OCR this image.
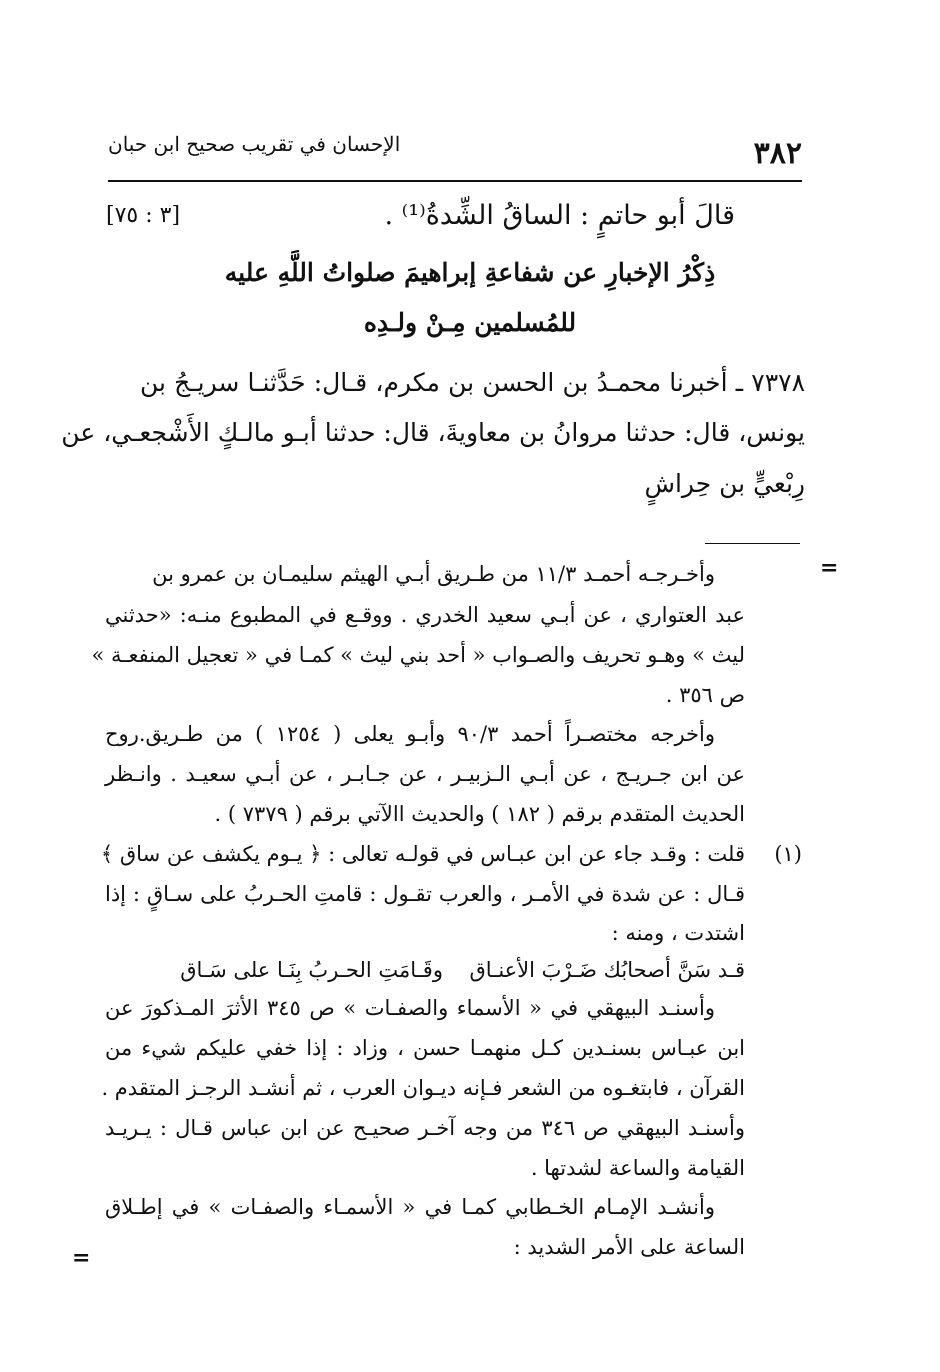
٣٨٢
الإحسان في تقريب صحيح ابن حبان
قالَ أبو حاتمٍ : الساقُ الشِّدةُ⁽¹⁾ .
[٣ : ٧٥]
ذِكْرُ الإخبارِ عن شفاعةِ إبراهيمَ صلواتُ اللَّهِ عليه
للمُسلمين مِـنْ ولـدِه
٧٣٧٨ ـ أخبرنا محمـدُ بن الحسن بن مكرم، قـال: حَدَّثنـا سريـجُ بن
يونس، قال: حدثنا مروانُ بن معاويةَ، قال: حدثنا أبـو مالـكٍ الأَشْجعـي، عن
رِبْعيٍّ بن حِراشٍ
=
وأخـرجـه أحمـد ١١/٣ من طـريق أبـي الهيثم سليمـان بن عمرو بن
عبد العتواري ، عن أبـي سعيد الخدري . ووقـع في المطبوع منـه: «حدثني
ليث » وهـو تحريف والصـواب « أحد بني ليث » كمـا في « تعجيل المنفعـة »
ص ٣٥٦ .
وأخرجه مختصـراً أحمد ٩٠/٣ وأبـو يعلى ( ١٢٥٤ ) من طـريق.روح
عن ابن جـريـج ، عن أبـي الـزبيـر ، عن جـابـر ، عن أبـي سعيـد . وانـظر
الحديث المتقدم برقم ( ١٨٢ ) والحديث االآتي برقم ( ٧٣٧٩ ) .
(١)
قلت : وقـد جاء عن ابن عبـاس في قولـه تعالى : ﴿ يـوم يكشف عن ساق ﴾
قـال : عن شدة في الأمـر ، والعرب تقـول : قامتِ الحـربُ على سـاقٍ : إذا
اشتدت ، ومنه :
قـد سَنَّ أصحابُك ضَـرْبَ الأعنـاق
وقَـامَتِ الحـربُ بِنَـا على سَـاق
وأسنـد البيهقي في « الأسماء والصفـات » ص ٣٤٥ الأثرَ المـذكورَ عن
ابن عبـاس بسنـدين كـل منهمـا حسن ، وزاد : إذا خفي عليكم شيء من
القرآن ، فابتغـوه من الشعر فـإنه ديـوان العرب ، ثم أنشـد الرجـز المتقدم .
وأسنـد البيهقي ص ٣٤٦ من وجه آخـر صحيـح عن ابن عباس قـال : يـريـد
القيامة والساعة لشدتها .
وأنشـد الإمـام الخـطابي كمـا في « الأسمـاء والصفـات » في إطـلاق
الساعة على الأمر الشديد :
=
